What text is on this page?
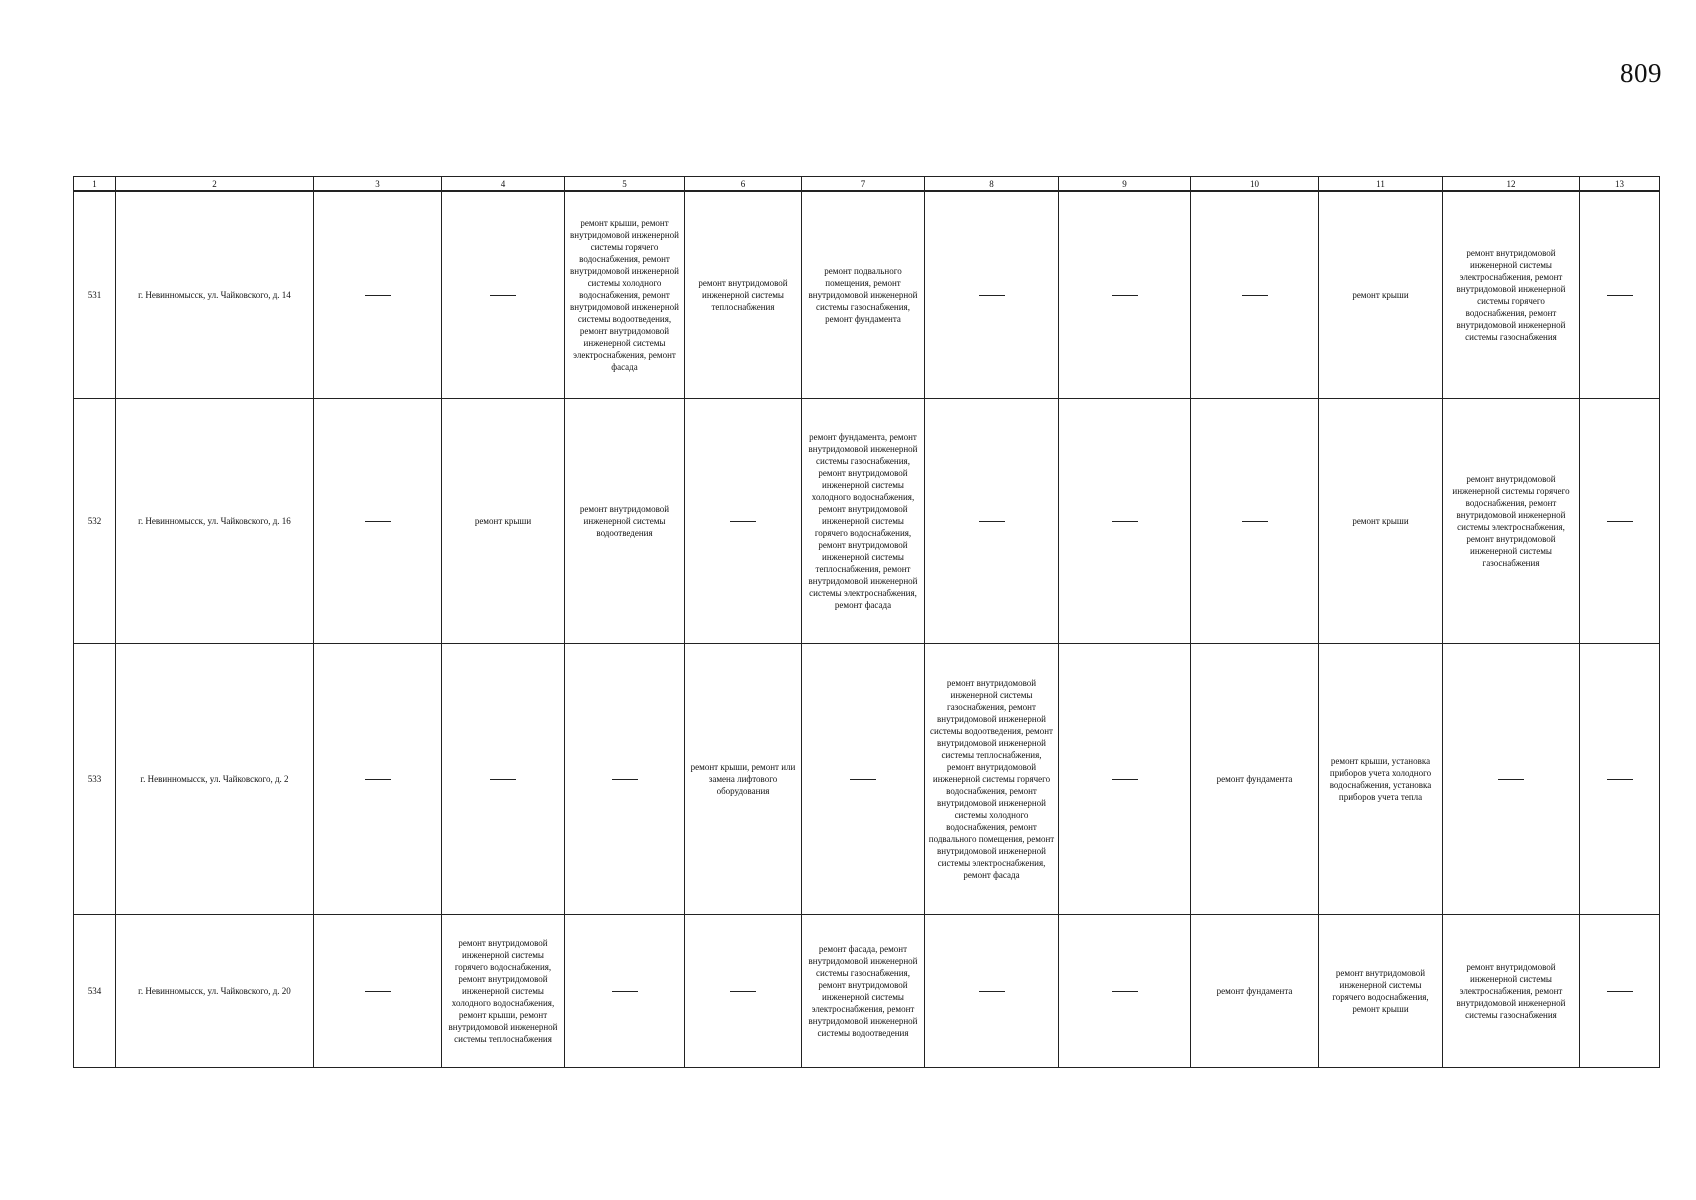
809
1	2	3	4	5	6	7	8	9	10	11	12	13
531	г. Невинномысск, ул. Чайковского, д. 14			ремонт крыши, ремонт внутридомовой инженерной системы горячего водоснабжения, ремонт внутридомовой инженерной системы холодного водоснабжения, ремонт внутридомовой инженерной системы водоотведения, ремонт внутридомовой инженерной системы электроснабжения, ремонт фасада	ремонт внутридомовой инженерной системы теплоснабжения	ремонт подвального помещения, ремонт внутридомовой инженерной системы газоснабжения, ремонт фундамента				ремонт крыши	ремонт внутридомовой инженерной системы электроснабжения, ремонт внутридомовой инженерной системы горячего водоснабжения, ремонт внутридомовой инженерной системы газоснабжения	
532	г. Невинномысск, ул. Чайковского, д. 16		ремонт крыши	ремонт внутридомовой инженерной системы водоотведения		ремонт фундамента, ремонт внутридомовой инженерной системы газоснабжения, ремонт внутридомовой инженерной системы холодного водоснабжения, ремонт внутридомовой инженерной системы горячего водоснабжения, ремонт внутридомовой инженерной системы теплоснабжения, ремонт внутридомовой инженерной системы электроснабжения, ремонт фасада				ремонт крыши	ремонт внутридомовой инженерной системы горячего водоснабжения, ремонт внутридомовой инженерной системы электроснабжения, ремонт внутридомовой инженерной системы газоснабжения	
533	г. Невинномысск, ул. Чайковского, д. 2				ремонт крыши, ремонт или замена лифтового оборудования		ремонт внутридомовой инженерной системы газоснабжения, ремонт внутридомовой инженерной системы водоотведения, ремонт внутридомовой инженерной системы теплоснабжения, ремонт внутридомовой инженерной системы горячего водоснабжения, ремонт внутридомовой инженерной системы холодного водоснабжения, ремонт подвального помещения, ремонт внутридомовой инженерной системы электроснабжения, ремонт фасада		ремонт фундамента	ремонт крыши, установка приборов учета холодного водоснабжения, установка приборов учета тепла		
534	г. Невинномысск, ул. Чайковского, д. 20		ремонт внутридомовой инженерной системы горячего водоснабжения, ремонт внутридомовой инженерной системы холодного водоснабжения, ремонт крыши, ремонт внутридомовой инженерной системы теплоснабжения			ремонт фасада, ремонт внутридомовой инженерной системы газоснабжения, ремонт внутридомовой инженерной системы электроснабжения, ремонт внутридомовой инженерной системы водоотведения			ремонт фундамента	ремонт внутридомовой инженерной системы горячего водоснабжения, ремонт крыши	ремонт внутридомовой инженерной системы электроснабжения, ремонт внутридомовой инженерной системы газоснабжения	
